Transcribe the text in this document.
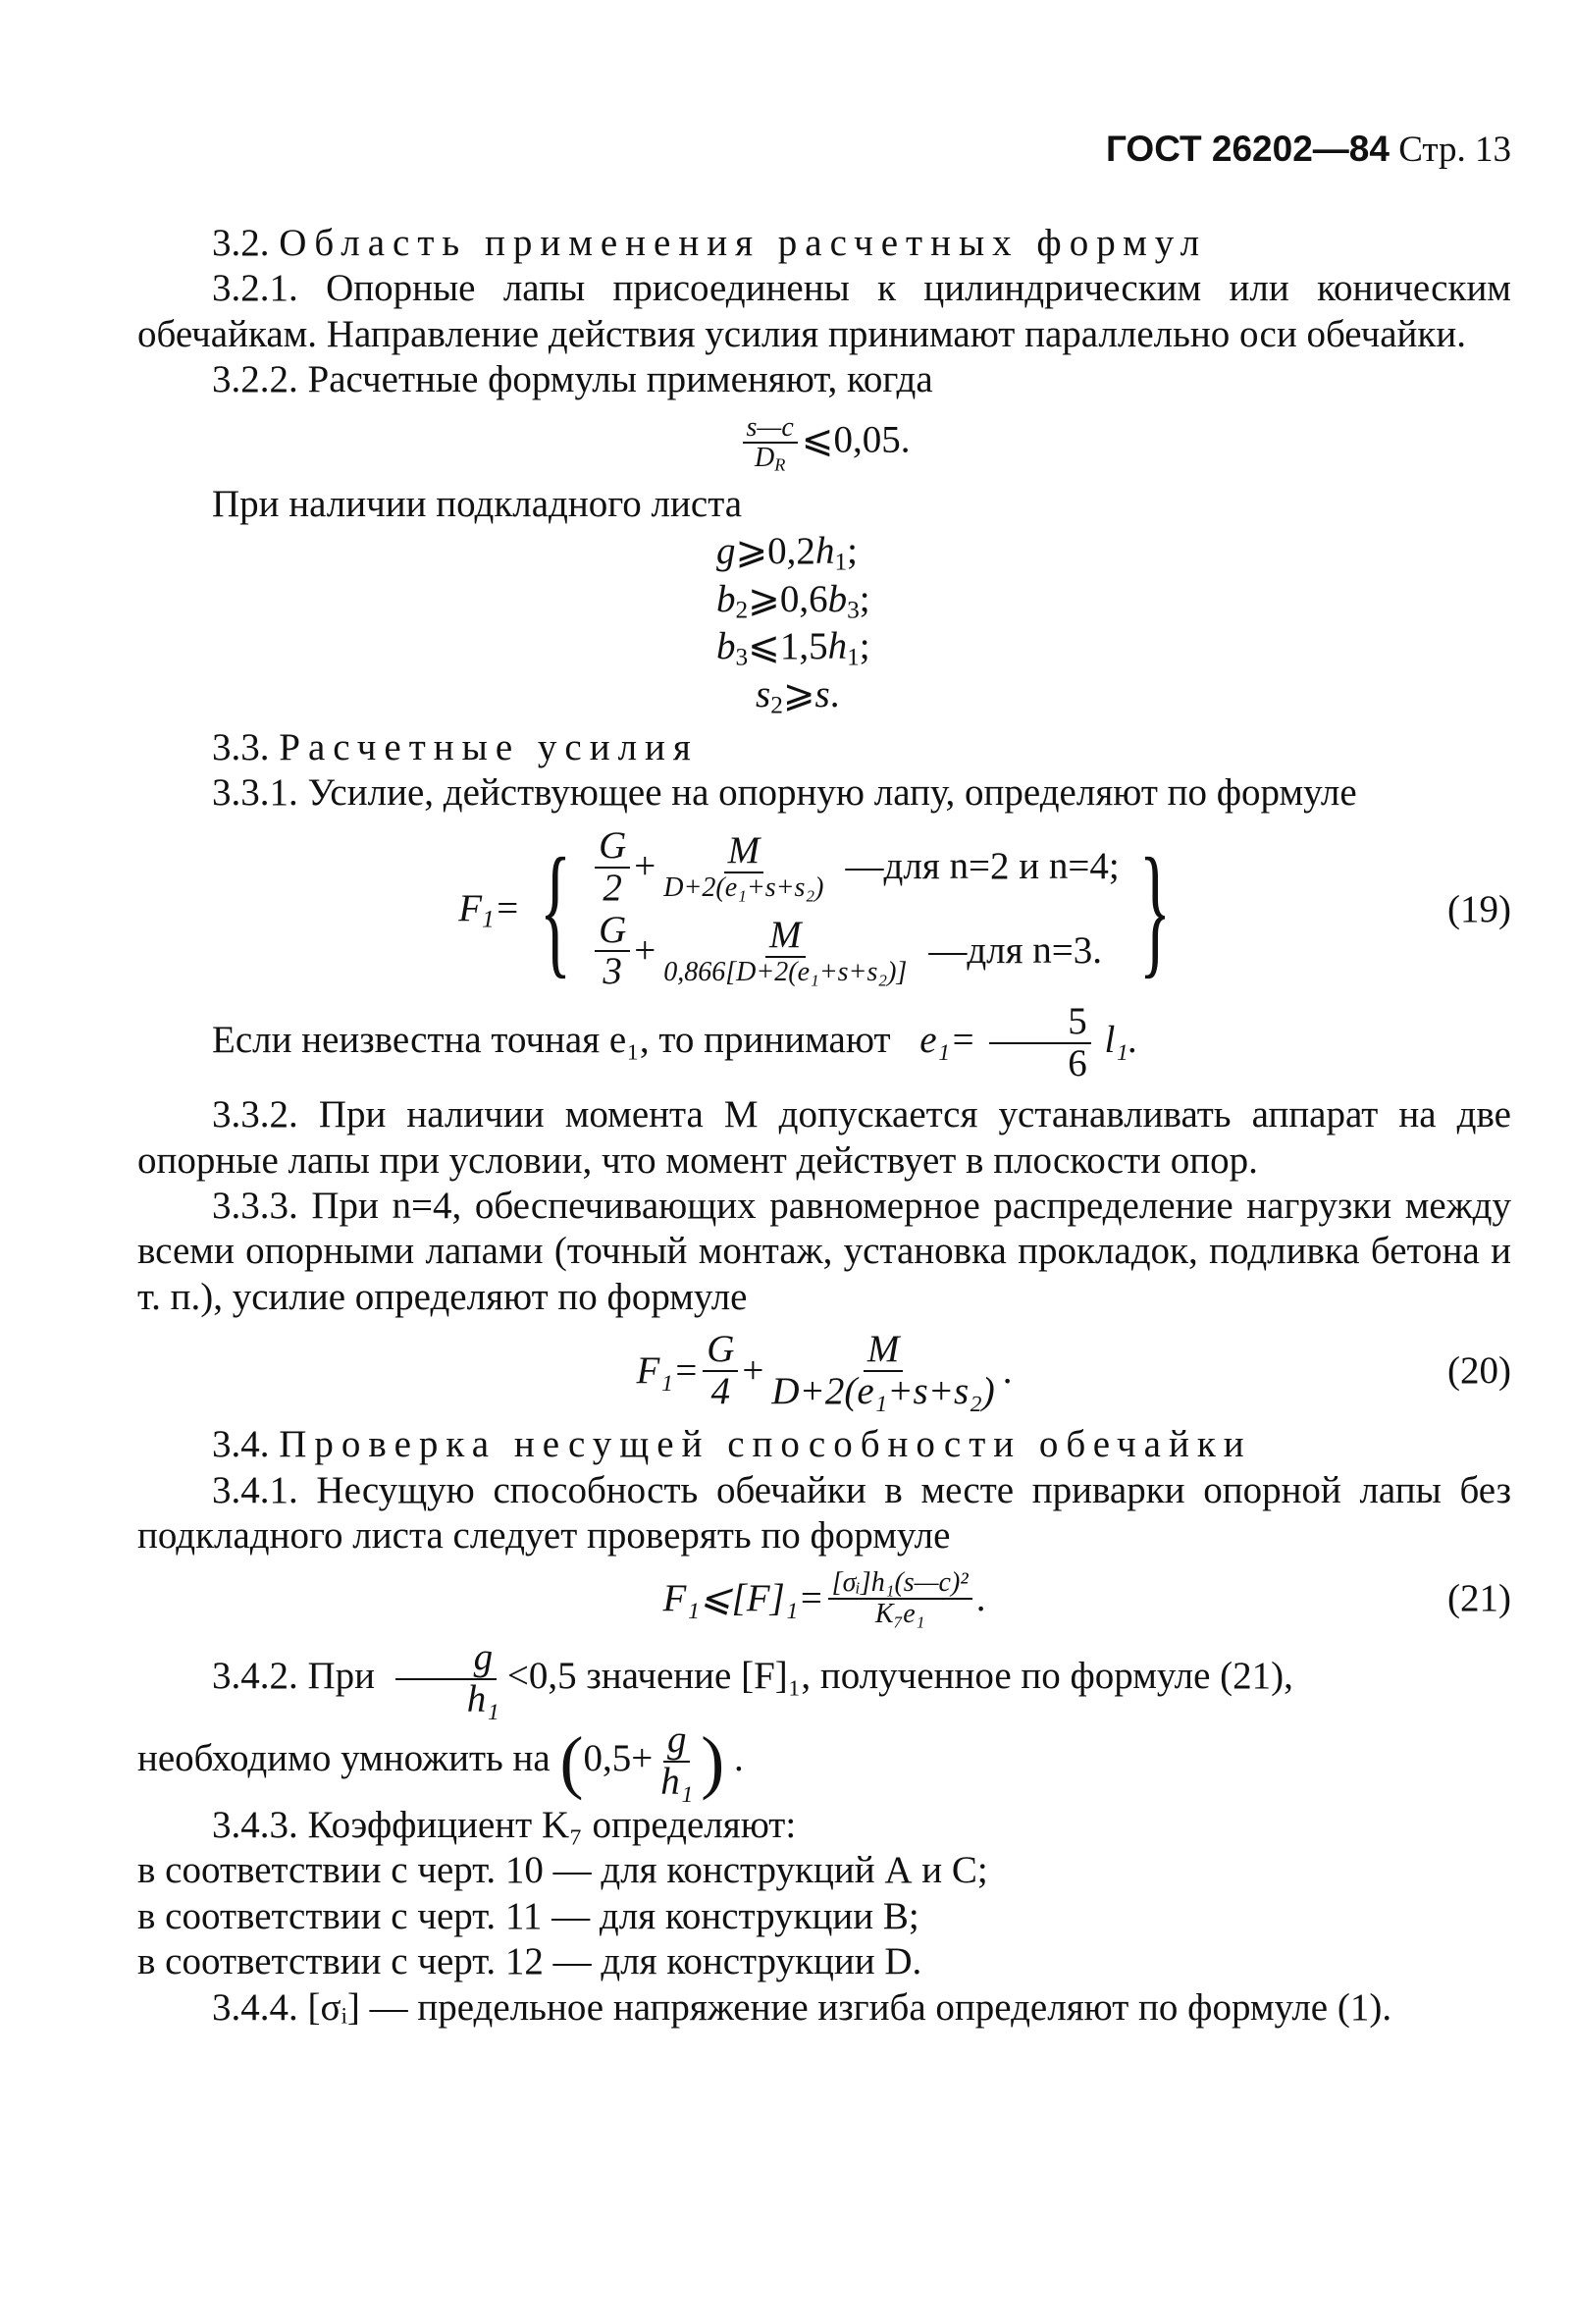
ГОСТ 26202—84 Стр. 13

3.2. Область применения расчетных формул

3.2.1. Опорные лапы присоединены к цилиндрическим или коническим обечайкам. Направление действия усилия принимают параллельно оси обечайки.

3.2.2. Расчетные формулы применяют, когда

$\frac{s—c}{D_R}$ ⩽0,05.

При наличии подкладного листа

$g⩾0,2h_1$;
$b_2⩾0,6b_3$;
$b_3⩽1,5h_1$;
$s_2⩾s$.

3.3. Расчетные усилия

3.3.1. Усилие, действующее на опорную лапу, определяют по формуле

$F_1=$ { $\frac{G}{2} + \frac{M}{\text{D+2(e₁+s+s₂)}}$ —для n=2 и n=4;
$\frac{G}{3} + \frac{M}{\text{0,866[D+2(e₁+s+s₂)]}}$ —для n=3. }	(19)

Если неизвестна точная e₁, то принимают $e_1= \frac{5}{6} l_1$.

3.3.2. При наличии момента M допускается устанавливать аппарат на две опорные лапы при условии, что момент действует в плоскости опор.

3.3.3. При n=4, обеспечивающих равномерное распределение нагрузки между всеми опорными лапами (точный монтаж, установка прокладок, подливка бетона и т. п.), усилие определяют по формуле

$F_1= \frac{G}{4} + \frac{M}{\text{D+2(e₁+s+s₂)}}$ .	(20)

3.4. Проверка несущей способности обечайки

3.4.1. Несущую способность обечайки в месте приварки опорной лапы без подкладного листа следует проверять по формуле

F₁⩽[F]₁= $\frac{\text{[σᵢ]h₁(s—c)²}}{\text{K₇e₁}}$ .	(21)

3.4.2. При $\frac{g}{\text{h₁}} <0,5$ значение [F]₁, полученное по формуле (21),

необходимо умножить на ($0,5+ \frac{g}{\text{h₁}}$ ) .

3.4.3. Коэффициент K₇ определяют:

в соответствии с черт. 10 — для конструкций А и С;

в соответствии с черт. 11 — для конструкции В;

в соответствии с черт. 12 — для конструкции D.

3.4.4. [σᵢ] — предельное напряжение изгиба определяют по формуле (1).
